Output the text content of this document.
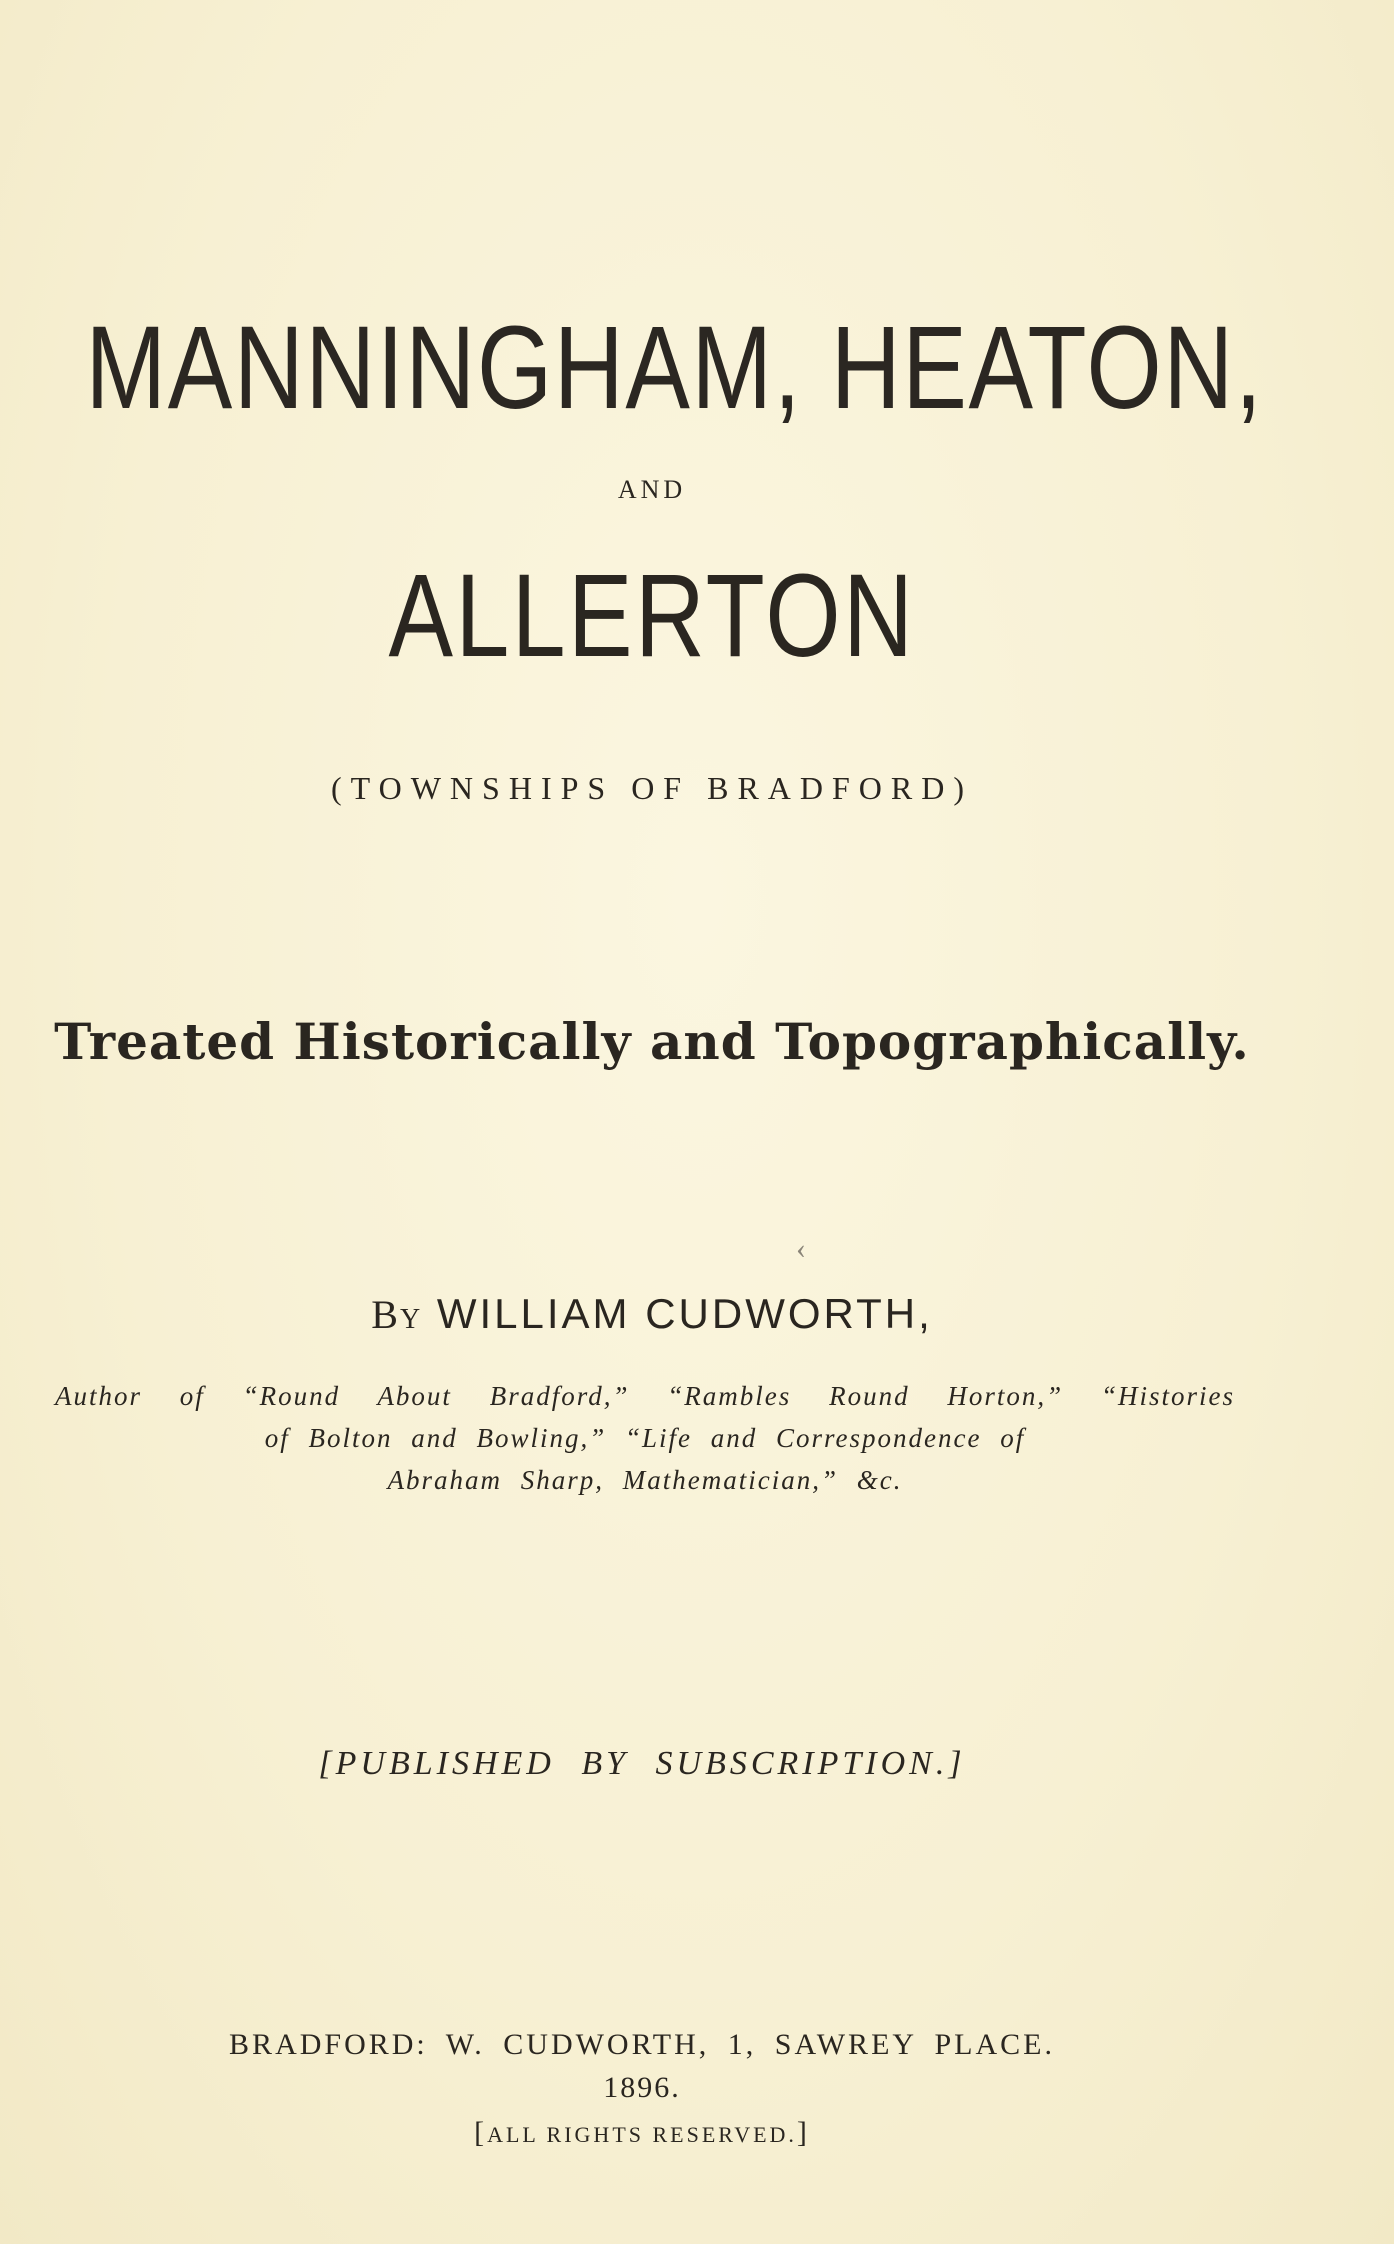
MANNINGHAM, HEATON,
AND
ALLERTON
(TOWNSHIPS OF BRADFORD)
Treated Historically and Topographically.
‹
BY WILLIAM CUDWORTH,
Author of “Round About Bradford,” “Rambles Round Horton,” “Histories
of Bolton and Bowling,” “Life and Correspondence of
Abraham Sharp, Mathematician,” &c.
[PUBLISHED BY SUBSCRIPTION.]
BRADFORD: W. CUDWORTH, 1, SAWREY PLACE.
1896.
[ALL RIGHTS RESERVED.]
